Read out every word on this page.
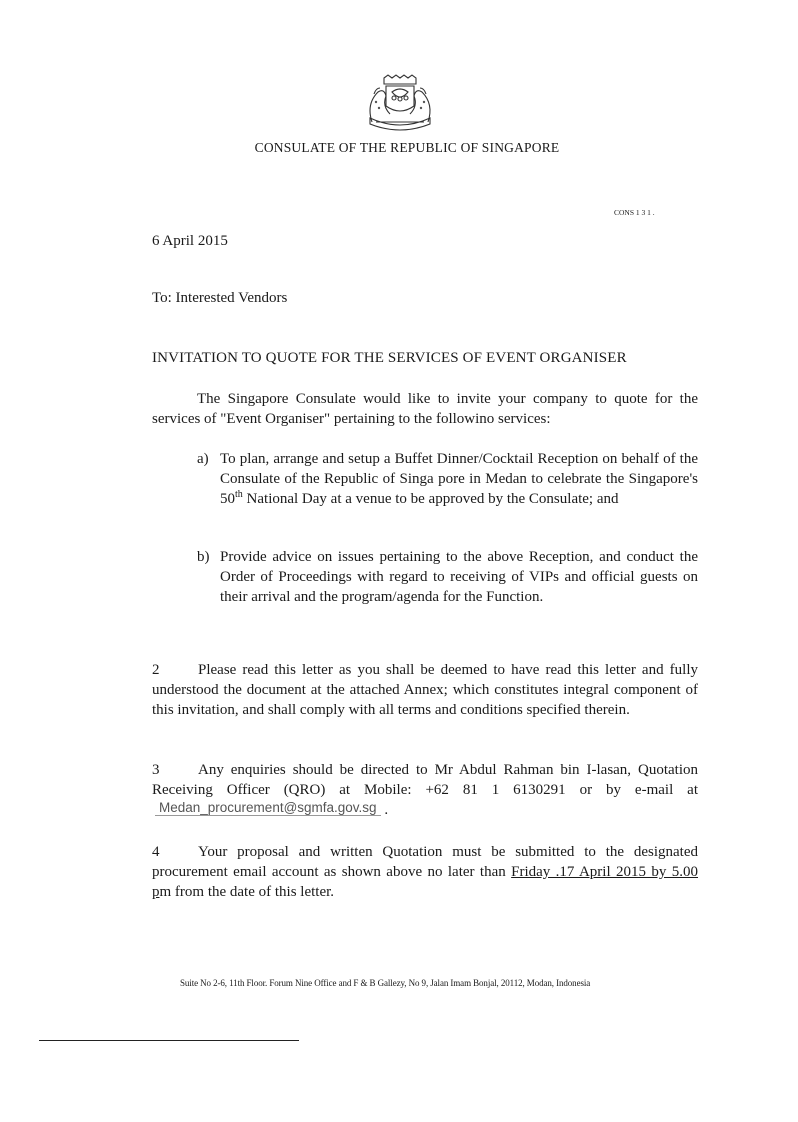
CONSULATE OF THE REPUBLIC OF SINGAPORE
CONS 1 3 1 .
6 April 2015
To: Interested Vendors
INVITATION TO QUOTE FOR THE SERVICES OF EVENT ORGANISER
The Singapore Consulate would like to invite your company to quote for the services of "Event Organiser" pertaining to the followino services:
a) To plan, arrange and setup a Buffet Dinner/Cocktail Reception on behalf of the Consulate of the Republic of Singa pore in Medan to celebrate the Singapore's 50th National Day at a venue to be approved by the Consulate; and
b) Provide advice on issues pertaining to the above Reception, and conduct the Order of Proceedings with regard to receiving of VIPs and official guests on their arrival and the program/agenda for the Function.
2	Please read this letter as you shall be deemed to have read this letter and fully understood the document at the attached Annex; which constitutes integral component of this invitation, and shall comply with all terms and conditions specified therein.
3	Any enquiries should be directed to Mr Abdul Rahman bin I-lasan, Quotation Receiving Officer (QRO) at Mobile: +62 81 1 6130291 or by e-mail atMedan_procurement@sgmfa.gov.sg .
4	Your proposal and written Quotation must be submitted to the designated procurement email account as shown above no later than Friday .17 April 2015 by 5.00 pm from the date of this letter.
Suite No 2-6, 11th Floor. Forum Nine Office and F & B Gallezy, No 9, Jalan Imam Bonjal, 20112, Modan, Indonesia
